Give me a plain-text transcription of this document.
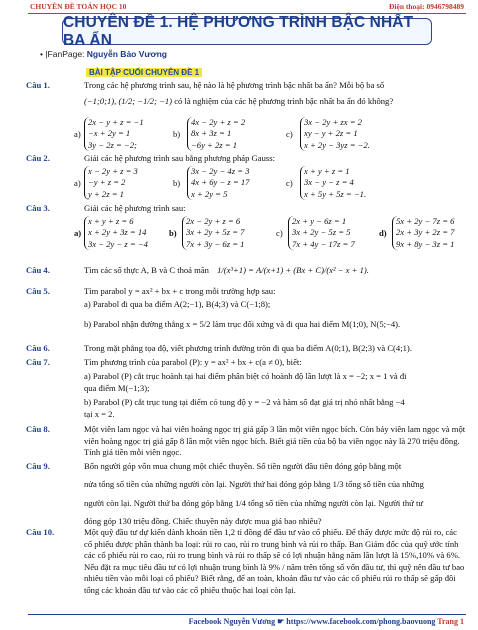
CHUYÊN ĐỀ TOÁN HỌC 10	Điện thoại: 0946798489
CHUYÊN ĐỀ 1. HỆ PHƯƠNG TRÌNH BẬC NHẤT BA ẨN
• |FanPage: Nguyễn Bảo Vương
BÀI TẬP CUỐI CHUYÊN ĐỀ 1
Câu 1.	Trong các hệ phương trình sau, hệ nào là hệ phương trình bậc nhất ba ẩn? Mỗi bộ ba số
(−1;0;1), (1/2; −1/2; −1) có là nghiệm của các hệ phương trình bậc nhất ba ẩn đó không?
a)
2x − y + z = −1
−x + 2y = 1
3y − 2z = −2;
b)
4x − 2y + z = 2
8x + 3z = 1
−6y + 2z = 1
c)
3x − 2y + zx = 2
xy − y + 2z = 1
x + 2y − 3yz = −2.
Câu 2.	Giải các hệ phương trình sau bằng phương pháp Gauss:
a)
x − 2y + z = 3
−y + z = 2
y + 2z = 1
b)
3x − 2y − 4z = 3
4x + 6y − z = 17
x + 2y = 5
c)
x + y + z = 1
3x − y − z = 4
x + 5y + 5z = −1.
Câu 3.	Giải các hệ phương trình sau:
a)
x + y + z = 6
x + 2y + 3z = 14
3x − 2y − z = −4
b)
2x − 2y + z = 6
3x + 2y + 5z = 7
7x + 3y − 6z = 1
c)
2x + y − 6z = 1
3x + 2y − 5z = 5
7x + 4y − 17z = 7
d)
5x + 2y − 7z = 6
2x + 3y + 2z = 7
9x + 8y − 3z = 1
Câu 4.	Tìm các số thực A, B và C thoả mãn 1/(x³+1) = A/(x+1) + (Bx + C)/(x² − x + 1).
Câu 5.	Tìm parabol y = ax² + bx + c trong mỗi trường hợp sau:
a) Parabol đi qua ba điểm A(2;−1), B(4;3) và C(−1;8);
b) Parabol nhận đường thẳng x = 5/2 làm trục đối xứng và đi qua hai điểm M(1;0), N(5;−4).
Câu 6.	Trong mặt phẳng tọa độ, viết phương trình đường tròn đi qua ba điểm A(0;1), B(2;3) và C(4;1).
Câu 7.	Tìm phương trình của parabol (P): y = ax² + bx + c(a ≠ 0), biết:
a) Parabol (P) cắt trục hoành tại hai điểm phân biệt có hoành độ lần lượt là x = −2; x = 1 và đi
qua điểm M(−1;3);
b) Parabol (P) cắt trục tung tại điểm có tung độ y = −2 và hàm số đạt giá trị nhỏ nhất bằng −4
tại x = 2.
Câu 8.	Một viên lam ngọc và hai viên hoàng ngọc trị giá gấp 3 lần một viên ngọc bích. Còn bảy viên lam ngọc và một viên hoàng ngọc trị giá gấp 8 lần một viên ngọc bích. Biết giá tiền của bộ ba viên ngọc này là 270 triệu đồng. Tính giá tiền mỗi viên ngọc.
Câu 9.	Bốn người góp vốn mua chung một chiếc thuyền. Số tiền người đầu tiên đóng góp bằng một
nửa tổng số tiền của những người còn lại. Người thứ hai đóng góp bằng 1/3 tổng số tiền của những
người còn lại. Người thứ ba đóng góp bằng 1/4 tổng số tiền của những người còn lại. Người thứ tư
đóng góp 130 triệu đồng. Chiếc thuyền này được mua giá bao nhiêu?
Câu 10.	Một quỹ đầu tư dự kiến dành khoản tiền 1,2 tỉ đồng để đầu tư vào cổ phiếu. Để thấy được mức độ rủi ro, các cổ phiếu được phân thành ba loại: rủi ro cao, rủi ro trung bình và rủi ro thấp. Ban Giám đốc của quỹ ước tính các cổ phiếu rủi ro cao, rủi ro trung bình và rủi ro thấp sẽ có lợi nhuận hằng năm lần lượt là 15%,10% và 6%. Nếu đặt ra mục tiêu đầu tư có lợi nhuận trung bình là 9% / năm trên tổng số vốn đầu tư, thì quỹ nên đầu tư bao nhiêu tiền vào mỗi loại cổ phiếu? Biết rằng, để an toàn, khoản đầu tư vào các cổ phiếu rủi ro thấp sẽ gấp đôi tổng các khoản đầu tư vào các cổ phiếu thuộc hai loại còn lại.
Facebook Nguyễn Vương ☛ https://www.facebook.com/phong.baovuong Trang 1
